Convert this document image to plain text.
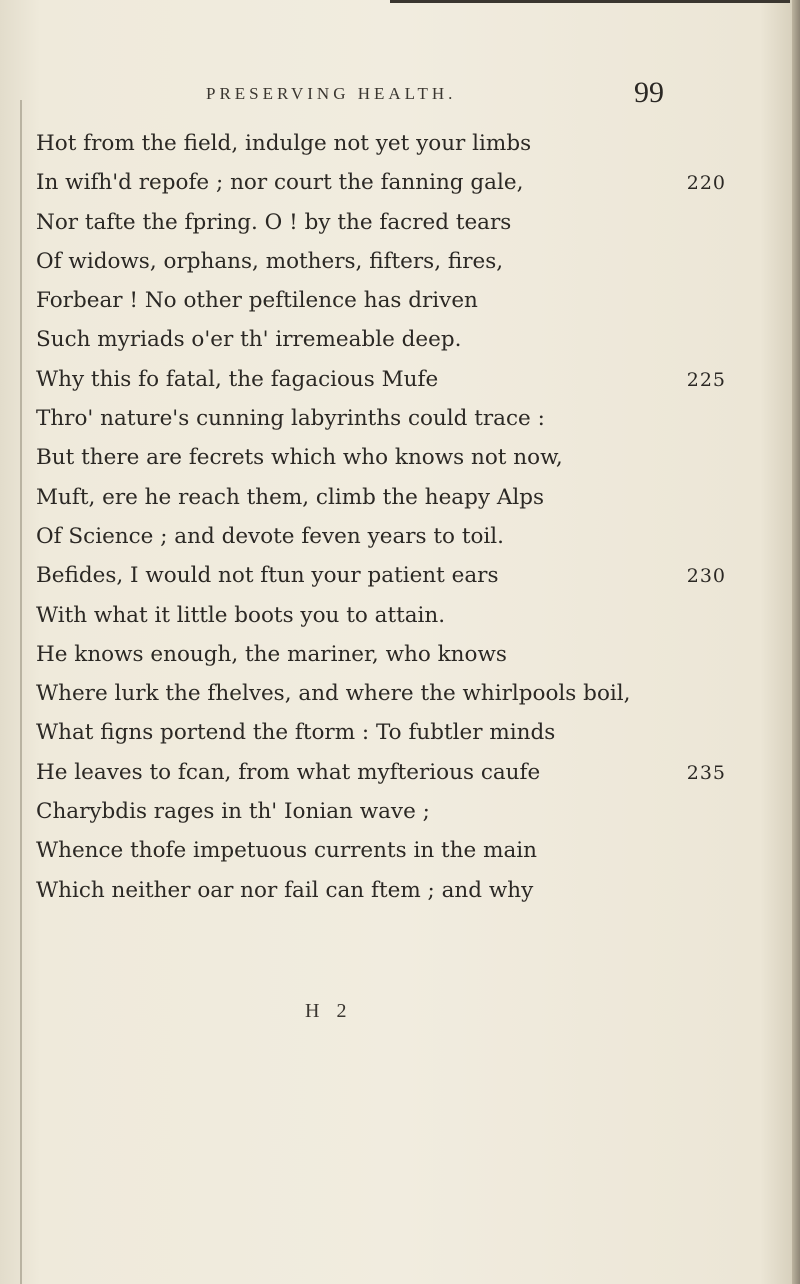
PRESERVING HEALTH.	99
Hot from the field, indulge not yet your limbs
In wifh'd repofe ; nor court the fanning gale,	220
Nor tafte the fpring. O ! by the facred tears
Of widows, orphans, mothers, fifters, fires,
Forbear ! No other peftilence has driven
Such myriads o'er th' irremeable deep.
Why this fo fatal, the fagacious Mufe	225
Thro' nature's cunning labyrinths could trace :
But there are fecrets which who knows not now,
Muft, ere he reach them, climb the heapy Alps
Of Science ; and devote feven years to toil.
Befides, I would not ftun your patient ears	230
With what it little boots you to attain.
He knows enough, the mariner, who knows
Where lurk the fhelves, and where the whirlpools boil,
What figns portend the ftorm : To fubtler minds
He leaves to fcan, from what myfterious caufe	235
Charybdis rages in th' Ionian wave ;
Whence thofe impetuous currents in the main
Which neither oar nor fail can ftem ; and why
H 2
